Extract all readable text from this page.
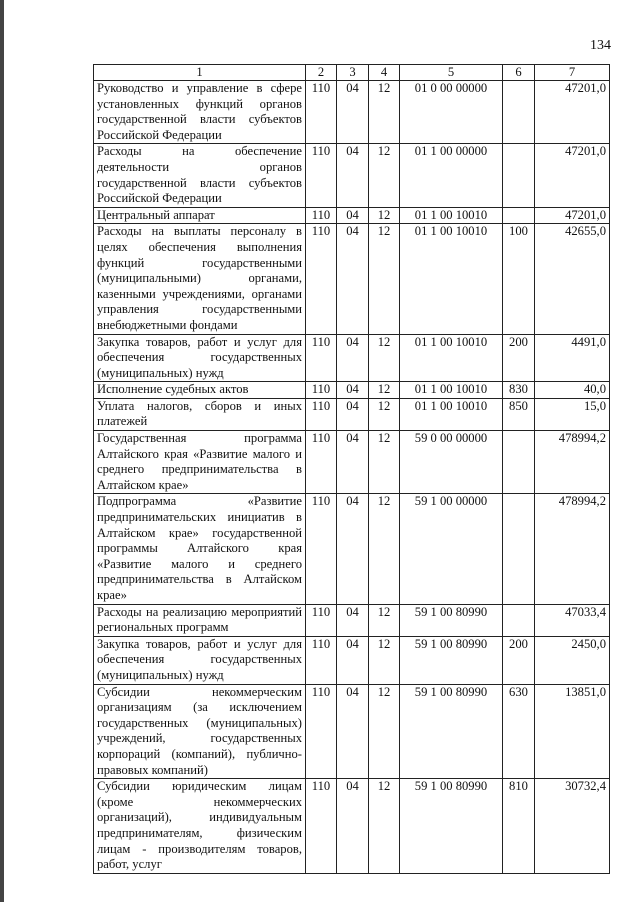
134
1	2	3	4	5	6	7
Руководство и управление в сфере установленных функций органов государственной власти субъектов Российской Федерации	110	04	12	01 0 00 00000		47201,0
Расходы на обеспечение деятельности органов государственной власти субъектов Российской Федерации	110	04	12	01 1 00 00000		47201,0
Центральный аппарат	110	04	12	01 1 00 10010		47201,0
Расходы на выплаты персоналу в целях обеспечения выполнения функций государственными (муниципальными) органами, казенными учреждениями, органами управления государственными внебюджетными фондами	110	04	12	01 1 00 10010	100	42655,0
Закупка товаров, работ и услуг для обеспечения государственных (муниципальных) нужд	110	04	12	01 1 00 10010	200	4491,0
Исполнение судебных актов	110	04	12	01 1 00 10010	830	40,0
Уплата налогов, сборов и иных платежей	110	04	12	01 1 00 10010	850	15,0
Государственная программа Алтайского края «Развитие малого и среднего предпринимательства в Алтайском крае»	110	04	12	59 0 00 00000		478994,2
Подпрограмма «Развитие предпринимательских инициатив в Алтайском крае» государственной программы Алтайского края «Развитие малого и среднего предпринимательства в Алтайском крае»	110	04	12	59 1 00 00000		478994,2
Расходы на реализацию мероприятий региональных программ	110	04	12	59 1 00 80990		47033,4
Закупка товаров, работ и услуг для обеспечения государственных (муниципальных) нужд	110	04	12	59 1 00 80990	200	2450,0
Субсидии некоммерческим организациям (за исключением государственных (муниципальных) учреждений, государственных корпораций (компаний), публично-правовых компаний)	110	04	12	59 1 00 80990	630	13851,0
Субсидии юридическим лицам (кроме некоммерческих организаций), индивидуальным предпринимателям, физическим лицам - производителям товаров, работ, услуг	110	04	12	59 1 00 80990	810	30732,4
